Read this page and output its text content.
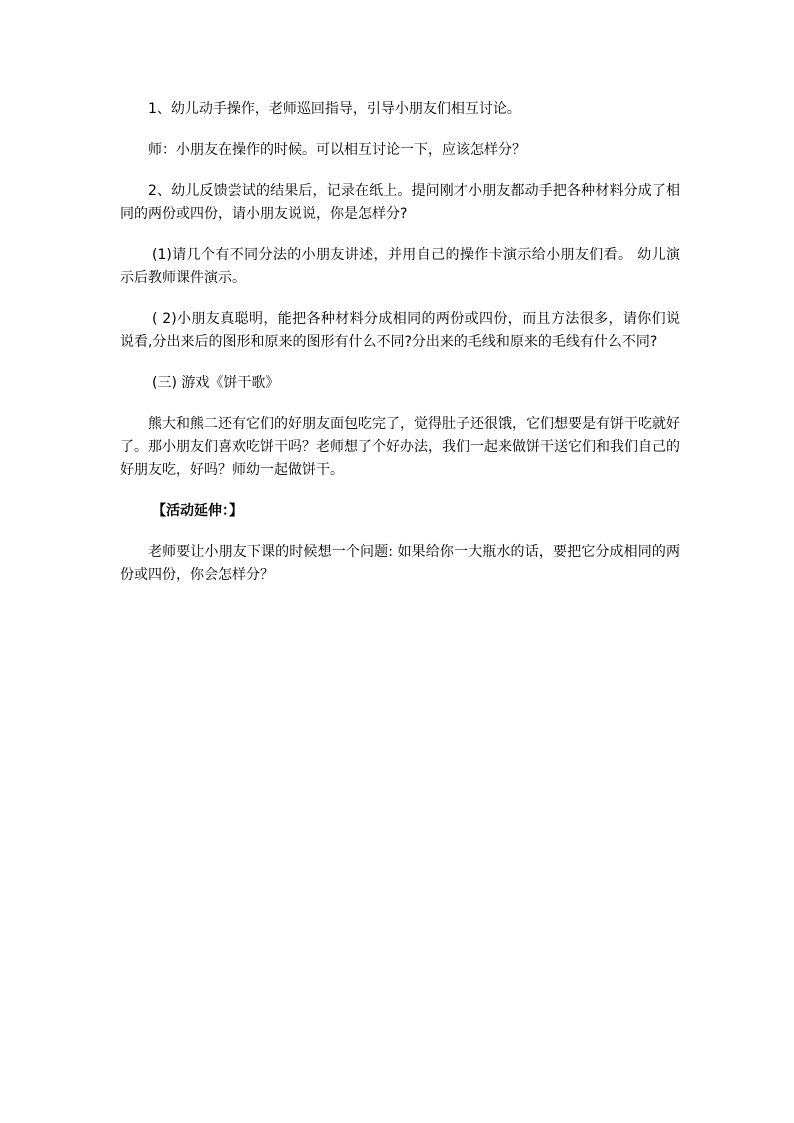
1、幼儿动手操作，老师巡回指导，引导小朋友们相互讨论。

师：小朋友在操作的时候。可以相互讨论一下，应该怎样分？

2、幼儿反馈尝试的结果后，记录在纸上。提问刚才小朋友都动手把各种材料分成了相同的两份或四份，请小朋友说说，你是怎样分?

(1)请几个有不同分法的小朋友讲述，并用自己的操作卡演示给小朋友们看。 幼儿演示后教师课件演示。

( 2)小朋友真聪明，能把各种材料分成相同的两份或四份，而且方法很多，请你们说说看,分出来后的图形和原来的图形有什么不同?分出来的毛线和原来的毛线有什么不同?

(三) 游戏《饼干歌》

熊大和熊二还有它们的好朋友面包吃完了，觉得肚子还很饿，它们想要是有饼干吃就好了。那小朋友们喜欢吃饼干吗？老师想了个好办法，我们一起来做饼干送它们和我们自己的好朋友吃，好吗？师幼一起做饼干。

【活动延伸：】

老师要让小朋友下课的时候想一个问题: 如果给你一大瓶水的话，要把它分成相同的两份或四份，你会怎样分？
